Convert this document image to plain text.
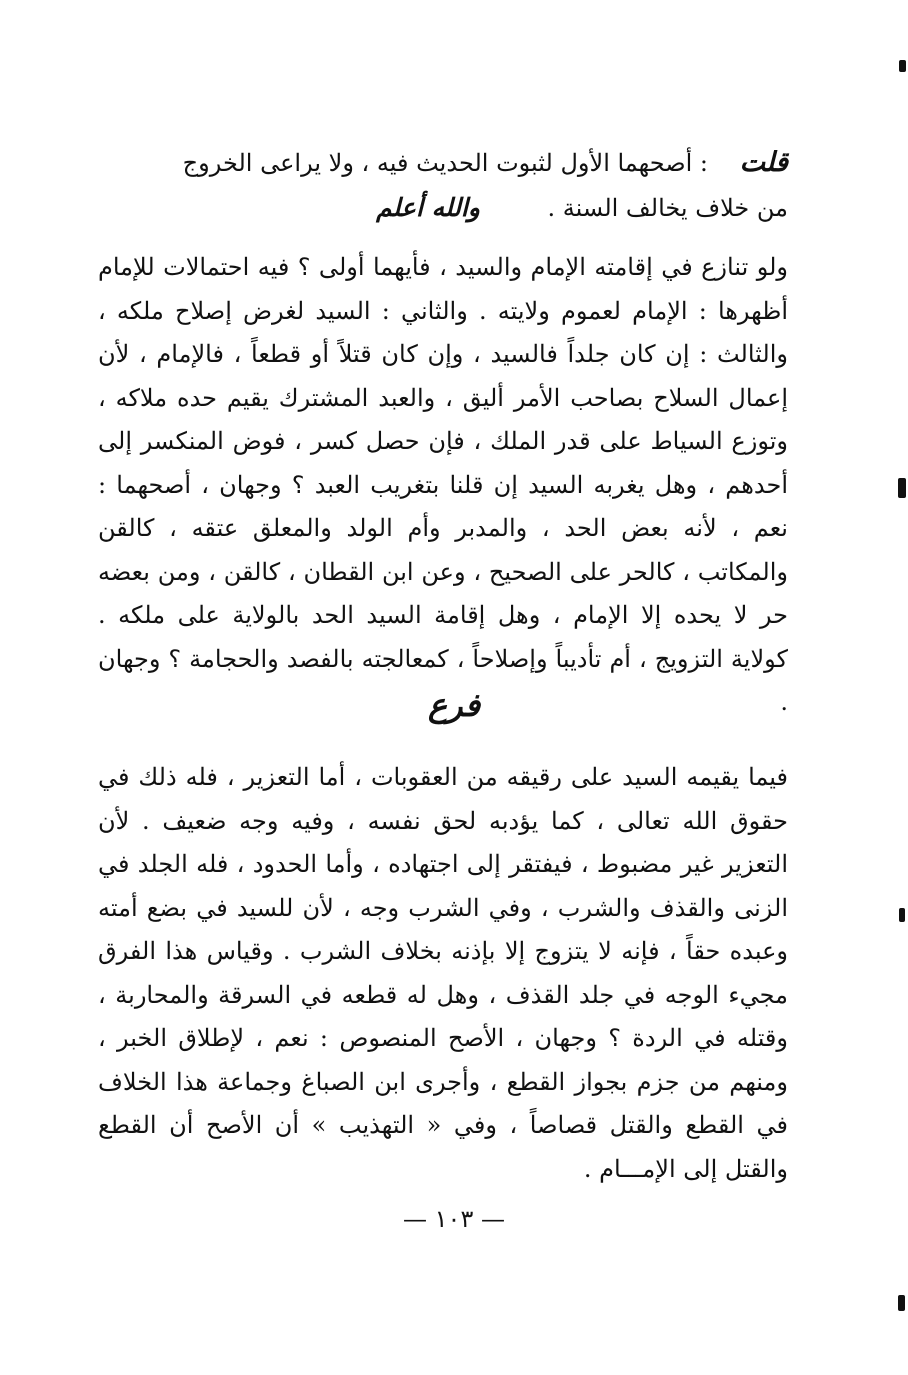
قلت : أصحهما الأول لثبوت الحديث فيه ، ولا يراعى الخروج

من خلاف يخالف السنة . والله أعلم

ولو تنازع في إقامته الإمام والسيد ، فأيهما أولى ؟ فيه احتمالات للإمام أظهرها : الإمام لعموم ولايته . والثاني : السيد لغرض إصلاح ملكه ، والثالث : إن كان جلداً فالسيد ، وإن كان قتلاً أو قطعاً ، فالإمام ، لأن إعمال السلاح بصاحب الأمر أليق ، والعبد المشترك يقيم حده ملاكه ، وتوزع السياط على قدر الملك ، فإن حصل كسر ، فوض المنكسر إلى أحدهم ، وهل يغربه السيد إن قلنا بتغريب العبد ؟ وجهان ، أصحهما : نعم ، لأنه بعض الحد ، والمدبر وأم الولد والمعلق عتقه ، كالقن والمكاتب ، كالحر على الصحيح ، وعن ابن القطان ، كالقن ، ومن بعضه حر لا يحده إلا الإمام ، وهل إقامة السيد الحد بالولاية على ملكه . كولاية التزويج ، أم تأديباً وإصلاحاً ، كمعالجته بالفصد والحجامة ؟ وجهان .

فرع

فيما يقيمه السيد على رقيقه من العقوبات ، أما التعزير ، فله ذلك في حقوق الله تعالى ، كما يؤدبه لحق نفسه ، وفيه وجه ضعيف . لأن التعزير غير مضبوط ، فيفتقر إلى اجتهاده ، وأما الحدود ، فله الجلد في الزنى والقذف والشرب ، وفي الشرب وجه ، لأن للسيد في بضع أمته وعبده حقاً ، فإنه لا يتزوج إلا بإذنه بخلاف الشرب . وقياس هذا الفرق مجيء الوجه في جلد القذف ، وهل له قطعه في السرقة والمحاربة ، وقتله في الردة ؟ وجهان ، الأصح المنصوص : نعم ، لإطلاق الخبر ، ومنهم من جزم بجواز القطع ، وأجرى ابن الصباغ وجماعة هذا الخلاف في القطع والقتل قصاصاً ، وفي « التهذيب » أن الأصح أن القطع والقتل إلى الإمـــام .

— ١٠٣ —
